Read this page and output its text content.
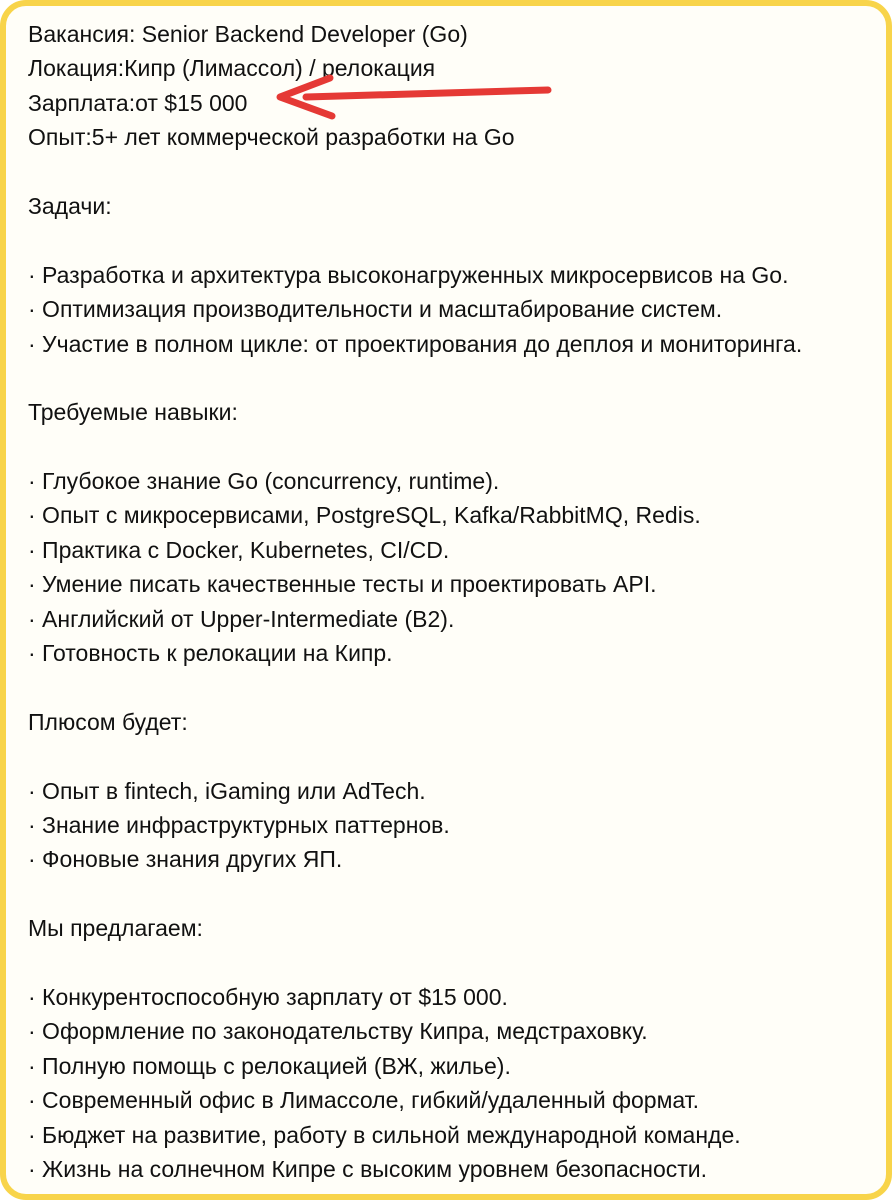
Вакансия: Senior Backend Developer (Go)
Локация:Кипр (Лимассол) / релокация
Зарплата:от $15 000
Опыт:5+ лет коммерческой разработки на Go
Задачи:
· Разработка и архитектура высоконагруженных микросервисов на Go.
· Оптимизация производительности и масштабирование систем.
· Участие в полном цикле: от проектирования до деплоя и мониторинга.
Требуемые навыки:
· Глубокое знание Go (concurrency, runtime).
· Опыт с микросервисами, PostgreSQL, Kafka/RabbitMQ, Redis.
· Практика с Docker, Kubernetes, CI/CD.
· Умение писать качественные тесты и проектировать API.
· Английский от Upper-Intermediate (B2).
· Готовность к релокации на Кипр.
Плюсом будет:
· Опыт в fintech, iGaming или AdTech.
· Знание инфраструктурных паттернов.
· Фоновые знания других ЯП.
Мы предлагаем:
· Конкурентоспособную зарплату от $15 000.
· Оформление по законодательству Кипра, медстраховку.
· Полную помощь с релокацией (ВЖ, жилье).
· Современный офис в Лимассоле, гибкий/удаленный формат.
· Бюджет на развитие, работу в сильной международной команде.
· Жизнь на солнечном Кипре с высоким уровнем безопасности.
